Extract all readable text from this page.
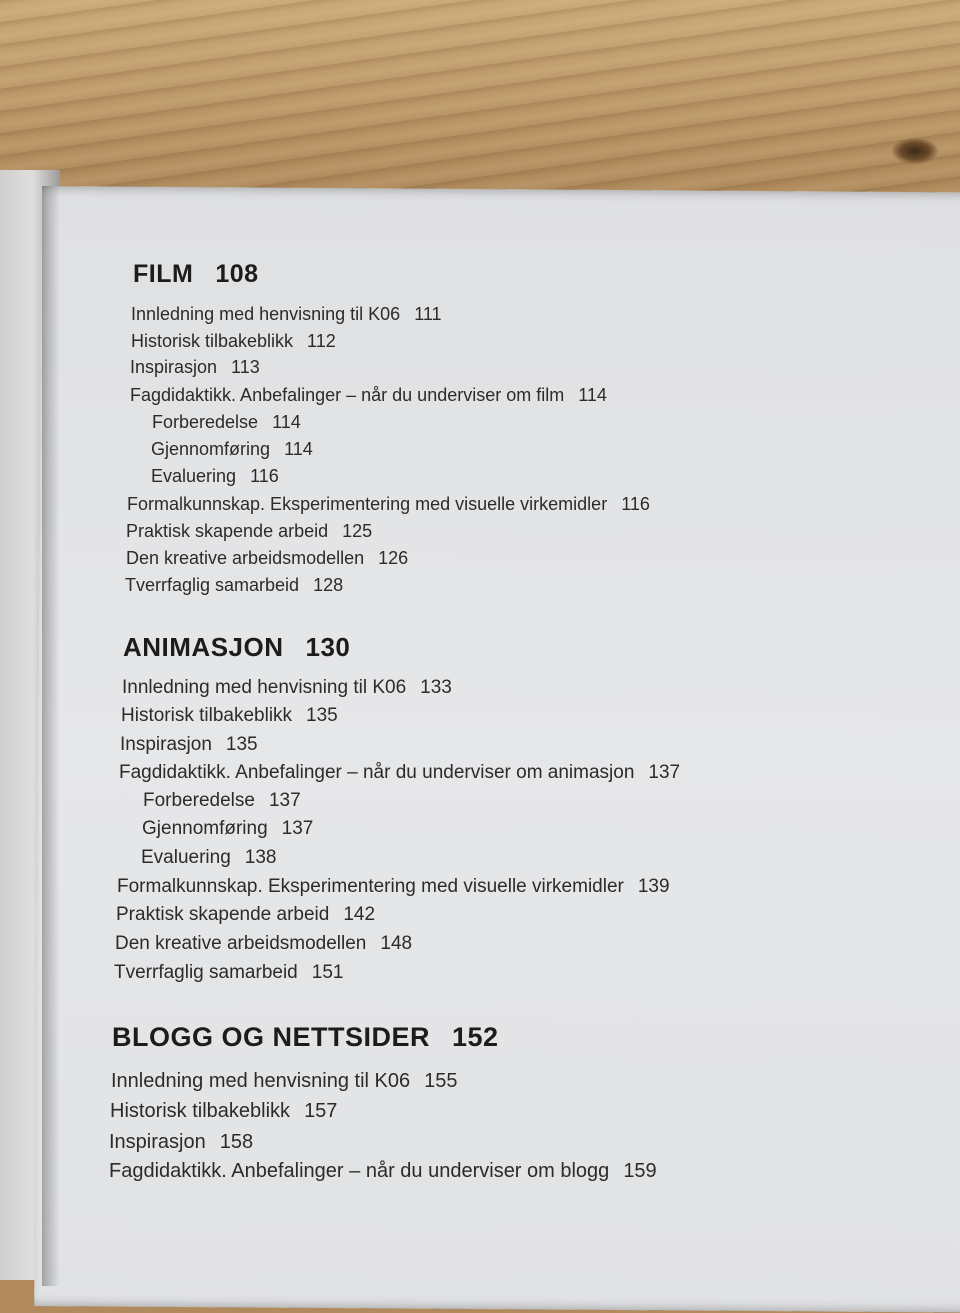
FILM 108

Innledning med henvisning til K06 111

Historisk tilbakeblikk 112

Inspirasjon 113

Fagdidaktikk. Anbefalinger – når du underviser om film 114

Forberedelse 114

Gjennomføring 114

Evaluering 116

Formalkunnskap. Eksperimentering med visuelle virkemidler 116

Praktisk skapende arbeid 125

Den kreative arbeidsmodellen 126

Tverrfaglig samarbeid 128

ANIMASJON 130

Innledning med henvisning til K06 133

Historisk tilbakeblikk 135

Inspirasjon 135

Fagdidaktikk. Anbefalinger – når du underviser om animasjon 137

Forberedelse 137

Gjennomføring 137

Evaluering 138

Formalkunnskap. Eksperimentering med visuelle virkemidler 139

Praktisk skapende arbeid 142

Den kreative arbeidsmodellen 148

Tverrfaglig samarbeid 151

BLOGG OG NETTSIDER 152

Innledning med henvisning til K06 155

Historisk tilbakeblikk 157

Inspirasjon 158

Fagdidaktikk. Anbefalinger – når du underviser om blogg 159
